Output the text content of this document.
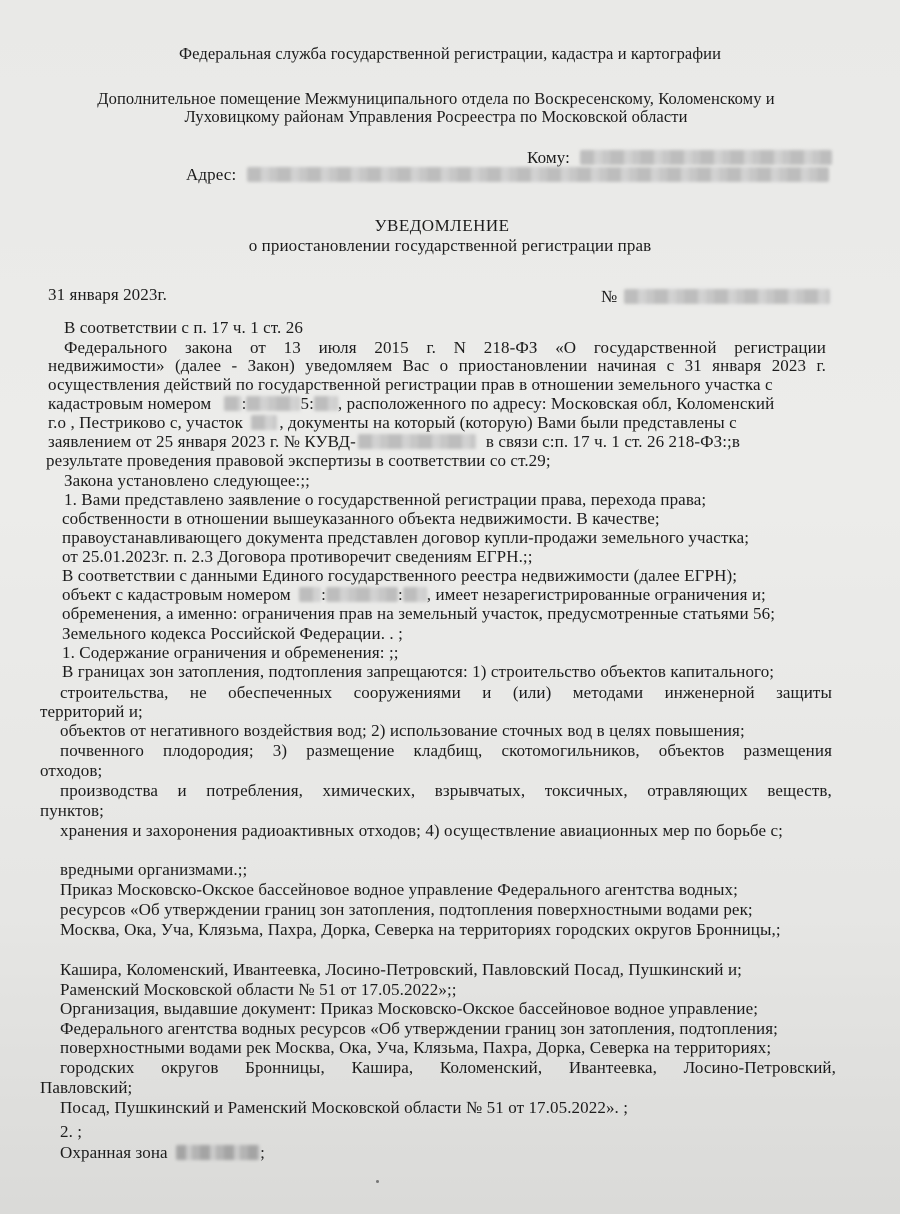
Федеральная служба государственной регистрации, кадастра и картографии
Дополнительное помещение Межмуниципального отдела по Воскресенскому, Коломенскому и
Луховицкому районам Управления Росреестра по Московской области
Кому:
Адрес:
УВЕДОМЛЕНИЕ
о приостановлении государственной регистрации прав
31 января 2023г.	№
В соответствии с п. 17 ч. 1 ст. 26
Федерального закона от 13 июля 2015 г. N 218-ФЗ «О государственной регистрации
недвижимости» (далее - Закон) уведомляем Вас о приостановлении начиная с 31 января 2023 г.
осуществления действий по государственной регистрации прав в отношении земельного участка с
кадастровым номером :	5: , расположенного по адресу: Московская обл, Коломенский
г.о , Пестриково с, участок , документы на который (которую) Вами были представлены с
заявлением от 25 января 2023 г. № КУВД-	в связи с:п. 17 ч. 1 ст. 26 218-ФЗ:;в
результате проведения правовой экспертизы в соответствии со ст.29;
Закона установлено следующее:;;
1. Вами представлено заявление о государственной регистрации права, перехода права;
собственности в отношении вышеуказанного объекта недвижимости. В качестве;
правоустанавливающего документа представлен договор купли-продажи земельного участка;
от 25.01.2023г. п. 2.3 Договора противоречит сведениям ЕГРН.;;
В соответствии с данными Единого государственного реестра недвижимости (далее ЕГРН);
объект с кадастровым номером :	: , имеет незарегистрированные ограничения и;
обременения, а именно: ограничения прав на земельный участок, предусмотренные статьями 56;
Земельного кодекса Российской Федерации. . ;
1. Содержание ограничения и обременения: ;;
В границах зон затопления, подтопления запрещаются: 1) строительство объектов капитального;
строительства, не обеспеченных сооружениями и (или) методами инженерной защиты
территорий и;
объектов от негативного воздействия вод; 2) использование сточных вод в целях повышения;
почвенного плодородия; 3) размещение кладбищ, скотомогильников, объектов размещения
отходов;
производства и потребления, химических, взрывчатых, токсичных, отравляющих веществ,
пунктов;
хранения и захоронения радиоактивных отходов; 4) осуществление авиационных мер по борьбе с;
вредными организмами.;;
Приказ Московско-Окское бассейновое водное управление Федерального агентства водных;
ресурсов «Об утверждении границ зон затопления, подтопления поверхностными водами рек;
Москва, Ока, Уча, Клязьма, Пахра, Дорка, Северка на территориях городских округов Бронницы,;
Кашира, Коломенский, Ивантеевка, Лосино-Петровский, Павловский Посад, Пушкинский и;
Раменский Московской области № 51 от 17.05.2022»;;
Организация, выдавшие документ: Приказ Московско-Окское бассейновое водное управление;
Федерального агентства водных ресурсов «Об утверждении границ зон затопления, подтопления;
поверхностными водами рек Москва, Ока, Уча, Клязьма, Пахра, Дорка, Северка на территориях;
городских округов Бронницы, Кашира, Коломенский, Ивантеевка, Лосино-Петровский,
Павловский;
Посад, Пушкинский и Раменский Московской области № 51 от 17.05.2022». ;
2. ;
Охранная зона	;
